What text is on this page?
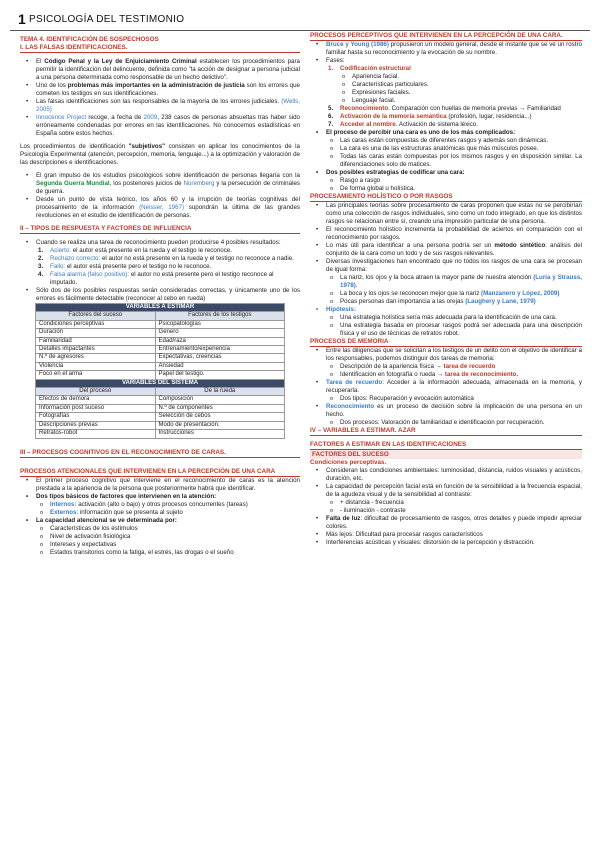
1 PSICOLOGÍA DEL TESTIMONIO
TEMA 4. IDENTIFICACIÓN DE SOSPECHOSOS
I. LAS FALSAS IDENTIFICACIONES.
• El Código Penal y la Ley de Enjuiciamiento Criminal establecen los procedimientos para permitir la identificación del delincuente, definida como "la acción de designar a persona judicial a una persona determinada como responsable de un hecho delictivo".
• Uno de los problemas más importantes en la administración de justicia son los errores que cometen los testigos en sus identificaciones.
• Las falsas identificaciones son las responsables de la mayoría de los errores judiciales. (Wells, 2005)
• Innocence Project recoge, a fecha de 2009, 238 casos de personas absueltas tras haber sido erróneamente condenadas por errores en las identificaciones. No conocemos estadísticas en España sobre estos hechos.

Los procedimientos de identificación "subjetivos" consisten en aplicar los conocimientos de la Psicología Experimental (atención, percepción, memoria, lenguaje...) a la optimización y valoración de las descripciones e identificaciones.

• El gran impulso de los estudios psicológicos sobre identificación de personas llegaría con la Segunda Guerra Mundial, los posteriores juicios de Nuremberg y la persecución de criminales de guerra.
• Desde un punto de vista teórico, los años 60 y la irrupción de teorías cognitivas del procesamiento de la información (Neisser, 1967) supondrán la última de las grandes revoluciones en el estudio de identificación de personas.
II – TIPOS DE RESPUESTA Y FACTORES DE INFLUENCIA
• Cuando se realiza una tarea de reconocimiento pueden producirse 4 posibles resultados:
1. Acierto: el autor está presente en la rueda y el testigo le reconoce.
2. Rechazo correcto: el autor no está presente en la rueda y el testigo no reconoce a nadie.
3. Fallo: el autor está presente pero el testigo no le reconoce.
4. Falsa alarma (falso positivo): el autor no está presente pero el testigo reconoce al imputado.
• Sólo dos de los posibles respuestas serán consideradas correctas, y únicamente uno de los errores es fácilmente detectable (reconocer al cebo en rueda)
VARIABLES A ESTIMAR	
Factores del suceso	Factores de los testigos
Condiciones perceptivas	Psicopatologías
Duración	Genero
Familiaridad	Edad/raza
Detalles impactantes	Entrenamiento/experiencia
N.º de agresores	Expectativas, creencias
Violencia	Ansiedad
Foco en el arma	Papel del testigo.
VARIABLES DEL SISTEMA	
Del proceso	De la rueda
Efectos de demora	Composición
Información post suceso	N.º de componentes
Fotografías	Selección de cebos
Descripciones previas	Modo de presentación.
Retratos-robot	Instrucciones
III – PROCESOS COGNITIVOS EN EL RECONOCIMIENTO DE CARAS.
PROCESOS ATENCIONALES QUE INTERVIENEN EN LA PERCEPCIÓN DE UNA CARA
• El primer proceso cognitivo que interviene en el reconocimiento de caras es la atención prestada a la apariencia de la persona que posteriormente habrá que identificar.
• Dos tipos básicos de factores que intervienen en la atención:
o Internos: activación (alto o bajo) y otros procesos concurrentes (tareas)
o Externos: información que se presenta al sujeto
• La capacidad atencional se ve determinada por:
o Características de los estímulos
o Nivel de activación fisiológica
o Intereses y expectativas
o Estados transitorios como la fatiga, el estrés, las drogas o el sueño
PROCESOS PERCEPTIVOS QUE INTERVIENEN EN LA PERCEPCIÓN DE UNA CARA.
• Bruce y Young (1986) propusieron un modelo general, desde el instante que se ve un rostro familiar hasta su reconocimiento y la evocación de su nombre.
• Fases:
1. Codificación estructural
o Apariencia facial.
o Características particulares.
o Expresiones faciales.
o Lenguaje facial.
5. Reconocimiento. Comparación con huellas de memoria previas → Familiaridad
6. Activación de la memoria semántica (profesión, lugar, residencia...)
7. Acceder al nombre. Activación de sistema léxico.
• El proceso de percibir una cara es uno de los más complicados:
o Las caras están compuestas de diferentes rasgos y además son dinámicas.
o La cara es una de las estructuras anatómicas que más músculos posee.
o Todas las caras están compuestas por los mismos rasgos y en disposición similar. La diferenciaciones solo de matices.
• Dos posibles estrategias de codificar una cara:
o Rasgo a rasgo
o De forma global u holística.
PROCESAMIENTO HOLÍSTICO O POR RASGOS
• Las principales teorías sobre procesamiento de caras proponen que estas no se percibirían como una colección de rasgos individuales, sino como un todo integrado, en que los distintos rasgos se relacionan entre sí, creando una impresión particular de una persona.
• El reconocimiento holístico incrementa la probabilidad de aciertos en comparación con el reconocimiento por rasgos.
• Lo más útil para identificar a una persona podría ser un método sintético: análisis del conjunto de la cara como un todo y de sus rasgos relevantes.
• Diversas investigaciones han encontrado que no todos los rasgos de una cara se procesan de igual forma:
o La nariz, los ojos y la boca atraen la mayor parte de nuestra atención (Luria y Strauss, 1978).
o La boca y los ojos se reconocen mejor que la nariz (Manzanero y López, 2009)
o Pocas personas dan importancia a las orejas (Laughery y Lane, 1979)
• Hipótesis:
o Una estrategia holística sería más adecuada para la identificación de una cara.
o Una estrategia basada en procesar rasgos podrá ser adecuada para una descripción física y el uso de técnicas de retratos robot.
PROCESOS DE MEMORIA
• Entre las diligencias que se solicitan a los testigos de un delito con el objetivo de identificar a los responsables, podemos distinguir dos tareas de memoria:
o Descripción de la apariencia física → tarea de recuerdo
o Identificación en fotografía o rueda → tarea de reconocimiento.
• Tarea de recuerdo: Acceder a la información adecuada, almacenada en la memoria, y recuperarla.
o Dos tipos: Recuperación y evocación automática
• Reconocimiento es un proceso de decisión sobre la implicación de una persona en un hecho.
o Dos procesos: Valoración de familiaridad e identificación por recuperación.
IV – VARIABLES A ESTIMAR. AZAR
FACTORES A ESTIMAR EN LAS IDENTIFICACIONES
FACTORES DEL SUCESO
Condiciones perceptivas.
• Consideran las condiciones ambientales: luminosidad, distancia, ruidos visuales y acústicos, duración, etc.
• La capacidad de percepción facial está en función de la sensibilidad a la frecuencia espacial, de la agudeza visual y de la sensibilidad al contraste:
o + distancia - frecuencia
o - iluminación - contraste
• Falta de luz: dificultad de procesamiento de rasgos, otros detalles y puede impedir apreciar colores.
• Más lejos: Dificultad para procesar rasgos característicos
• Interferencias acústicas y visuales: distorsión de la percepción y distracción.
